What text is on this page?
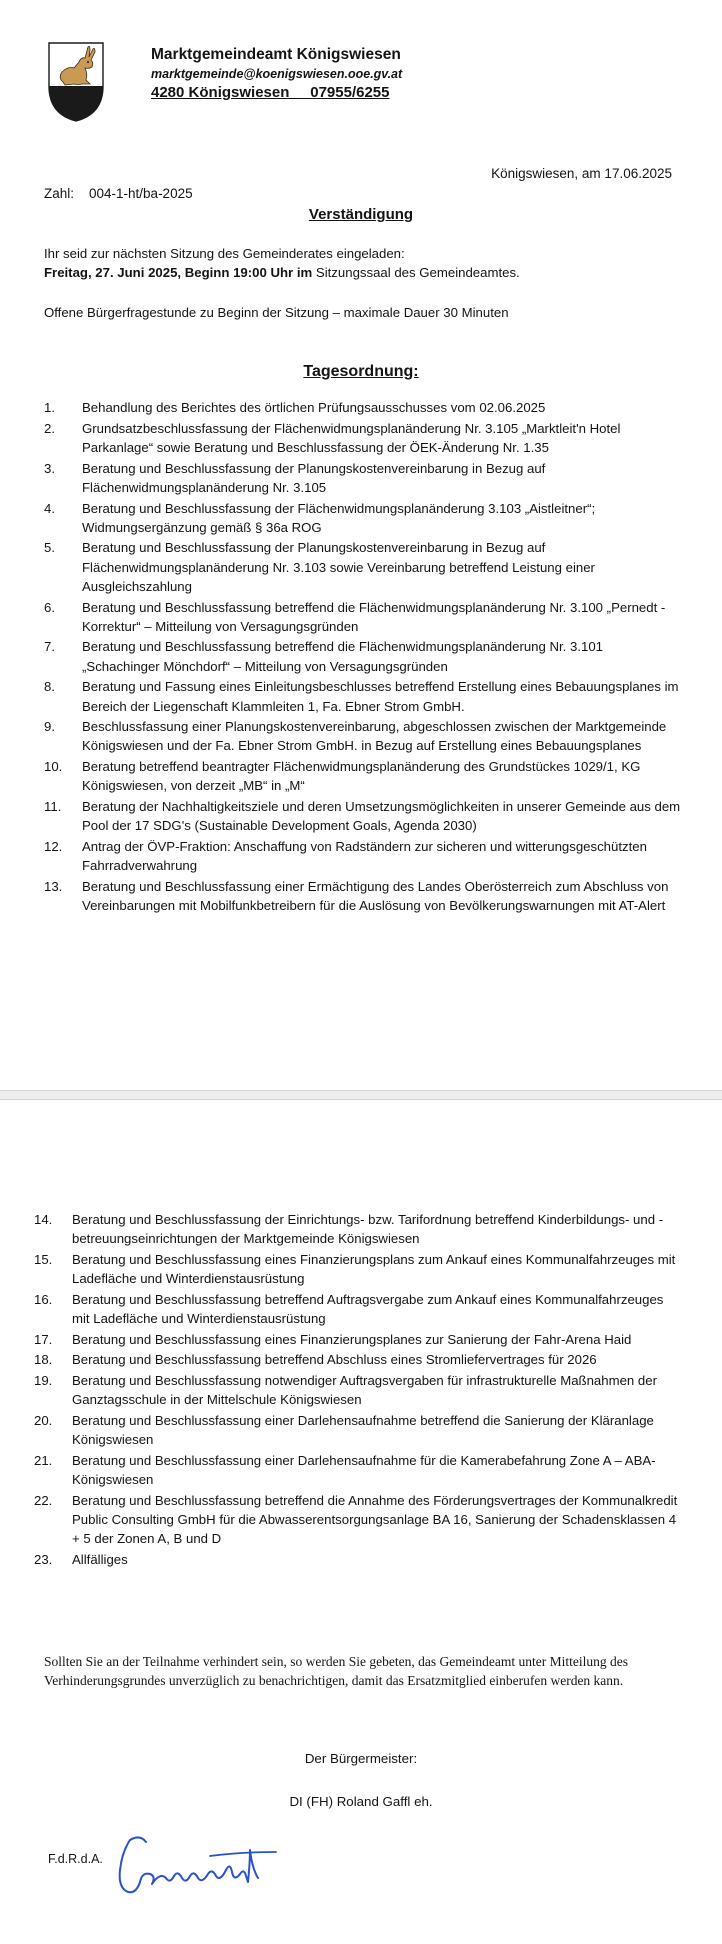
Marktgemeindeamt Königswiesen
marktgemeinde@koenigswiesen.ooe.gv.at
4280 Königswiesen     07955/6255
Königswiesen, am 17.06.2025
Zahl:    004-1-ht/ba-2025
Verständigung
Ihr seid zur nächsten Sitzung des Gemeinderates eingeladen:
Freitag, 27. Juni 2025, Beginn 19:00 Uhr im Sitzungssaal des Gemeindeamtes.
Offene Bürgerfragestunde zu Beginn der Sitzung – maximale Dauer 30 Minuten
Tagesordnung:
1.	Behandlung des Berichtes des örtlichen Prüfungsausschusses vom 02.06.2025
2.	Grundsatzbeschlussfassung der Flächenwidmungsplanänderung Nr. 3.105 „Marktleit'n Hotel Parkanlage“ sowie Beratung und Beschlussfassung der ÖEK-Änderung Nr. 1.35
3.	Beratung und Beschlussfassung der Planungskostenvereinbarung in Bezug auf Flächenwidmungsplanänderung Nr. 3.105
4.	Beratung und Beschlussfassung der Flächenwidmungsplanänderung 3.103 „Aistleitner“; Widmungsergänzung gemäß § 36a ROG
5.	Beratung und Beschlussfassung der Planungskostenvereinbarung in Bezug auf Flächenwidmungsplanänderung Nr. 3.103 sowie Vereinbarung betreffend Leistung einer Ausgleichszahlung
6.	Beratung und Beschlussfassung betreffend die Flächenwidmungsplanänderung Nr. 3.100 „Pernedt - Korrektur“ – Mitteilung von Versagungsgründen
7.	Beratung und Beschlussfassung betreffend die Flächenwidmungsplanänderung Nr. 3.101 „Schachinger Mönchdorf“ – Mitteilung von Versagungsgründen
8.	Beratung und Fassung eines Einleitungsbeschlusses betreffend Erstellung eines Bebauungsplanes im Bereich der Liegenschaft Klammleiten 1, Fa. Ebner Strom GmbH.
9.	Beschlussfassung einer Planungskostenvereinbarung, abgeschlossen zwischen der Marktgemeinde Königswiesen und der Fa. Ebner Strom GmbH. in Bezug auf Erstellung eines Bebauungsplanes
10.	Beratung betreffend beantragter Flächenwidmungsplanänderung des Grundstückes 1029/1, KG Königswiesen, von derzeit „MB“ in „M“
11.	Beratung der Nachhaltigkeitsziele und deren Umsetzungsmöglichkeiten in unserer Gemeinde aus dem Pool der 17 SDG's (Sustainable Development Goals, Agenda 2030)
12.	Antrag der ÖVP-Fraktion: Anschaffung von Radständern zur sicheren und witterungsgeschützten Fahrradverwahrung
13.	Beratung und Beschlussfassung einer Ermächtigung des Landes Oberösterreich zum Abschluss von Vereinbarungen mit Mobilfunkbetreibern für die Auslösung von Bevölkerungswarnungen mit AT-Alert
14.	Beratung und Beschlussfassung der Einrichtungs- bzw. Tarifordnung betreffend Kinderbildungs- und -betreuungseinrichtungen der Marktgemeinde Königswiesen
15.	Beratung und Beschlussfassung eines Finanzierungsplans zum Ankauf eines Kommunalfahrzeuges mit Ladefläche und Winterdienstausrüstung
16.	Beratung und Beschlussfassung betreffend Auftragsvergabe zum Ankauf eines Kommunalfahrzeuges mit Ladefläche und Winterdienstausrüstung
17.	Beratung und Beschlussfassung eines Finanzierungsplanes zur Sanierung der Fahr-Arena Haid
18.	Beratung und Beschlussfassung betreffend Abschluss eines Stromliefervertrages für 2026
19.	Beratung und Beschlussfassung notwendiger Auftragsvergaben für infrastrukturelle Maßnahmen der Ganztagsschule in der Mittelschule Königswiesen
20.	Beratung und Beschlussfassung einer Darlehensaufnahme betreffend die Sanierung der Kläranlage Königswiesen
21.	Beratung und Beschlussfassung einer Darlehensaufnahme für die Kamerabefahrung Zone A – ABA-Königswiesen
22.	Beratung und Beschlussfassung betreffend die Annahme des Förderungsvertrages der Kommunalkredit Public Consulting GmbH für die Abwasserentsorgungsanlage BA 16, Sanierung der Schadensklassen 4 + 5 der Zonen A, B und D
23.	Allfälliges
Sollten Sie an der Teilnahme verhindert sein, so werden Sie gebeten, das Gemeindeamt unter Mitteilung des Verhinderungsgrundes unverzüglich zu benachrichtigen, damit das Ersatzmitglied einberufen werden kann.
Der Bürgermeister:
DI (FH) Roland Gaffl eh.
F.d.R.d.A.
